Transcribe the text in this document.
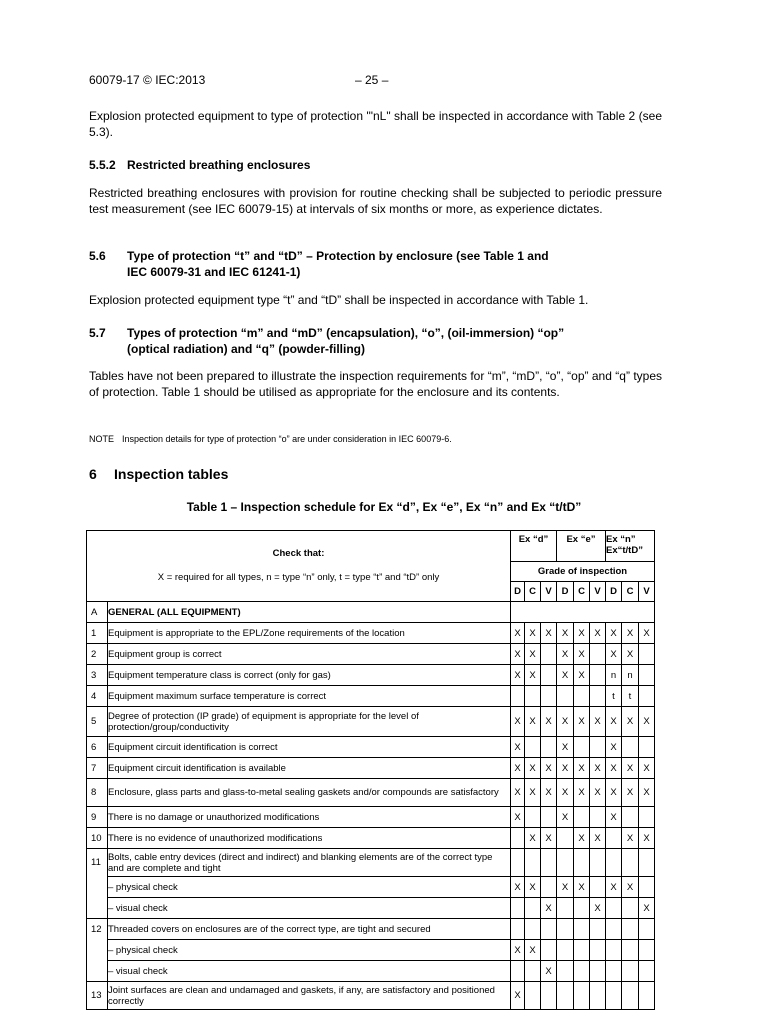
60079-17 © IEC:2013	– 25 –
Explosion protected equipment to type of protection "'nL" shall be inspected in accordance with Table 2 (see 5.3).
5.5.2 Restricted breathing enclosures
Restricted breathing enclosures with provision for routine checking shall be subjected to periodic pressure test measurement (see IEC 60079-15) at intervals of six months or more, as experience dictates.
5.6 Type of protection “t” and “tD” – Protection by enclosure (see Table 1 and
IEC 60079-31 and IEC 61241-1)
Explosion protected equipment type “t” and “tD” shall be inspected in accordance with Table 1.
5.7 Types of protection “m” and “mD” (encapsulation), “o”, (oil-immersion) “op”
(optical radiation) and “q” (powder-filling)
Tables have not been prepared to illustrate the inspection requirements for “m”, “mD”, “o”, “op” and “q” types of protection. Table 1 should be utilised as appropriate for the enclosure and its contents.
NOTE Inspection details for type of protection “o” are under consideration in IEC 60079-6.
6 Inspection tables
Table 1 – Inspection schedule for Ex “d”, Ex “e”, Ex “n” and Ex “t/tD”
Check that:
X = required for all types, n = type “n” only, t = type “t” and “tD” only		Ex “d”			Ex “e”			Ex “n”
Ex“t/tD”		
		Grade of inspection								
		D	C	V	D	C	V	D	C	V
A	GENERAL (ALL EQUIPMENT)									
1	Equipment is appropriate to the EPL/Zone requirements of the location	X	X	X	X	X	X	X	X	X
2	Equipment group is correct	X	X		X	X		X	X	
3	Equipment temperature class is correct (only for gas)	X	X		X	X		n	n	
4	Equipment maximum surface temperature is correct							t	t	
5	Degree of protection (IP grade) of equipment is appropriate for the level of protection/group/conductivity	X	X	X	X	X	X	X	X	X
6	Equipment circuit identification is correct	X			X			X		
7	Equipment circuit identification is available	X	X	X	X	X	X	X	X	X
8	Enclosure, glass parts and glass-to-metal sealing gaskets and/or compounds are satisfactory	X	X	X	X	X	X	X	X	X
9	There is no damage or unauthorized modifications	X			X			X		
10	There is no evidence of unauthorized modifications		X	X		X	X		X	X
11	Bolts, cable entry devices (direct and indirect) and blanking elements are of the correct type and are complete and tight									
	– physical check	X	X		X	X		X	X	
	– visual check			X			X			X
12	Threaded covers on enclosures are of the correct type, are tight and secured									
	– physical check	X	X							
	– visual check			X						
13	Joint surfaces are clean and undamaged and gaskets, if any, are satisfactory and positioned correctly	X								
